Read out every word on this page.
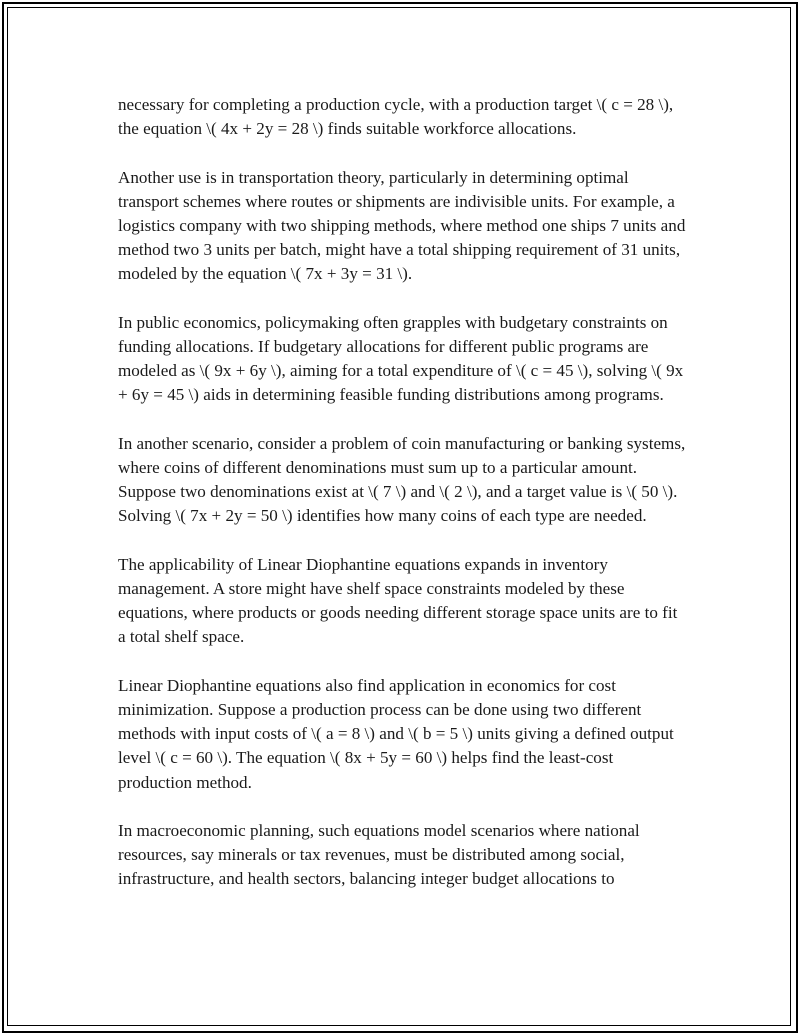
necessary for completing a production cycle, with a production target \( c = 28 \), the equation \( 4x + 2y = 28 \) finds suitable workforce allocations.

Another use is in transportation theory, particularly in determining optimal transport schemes where routes or shipments are indivisible units. For example, a logistics company with two shipping methods, where method one ships 7 units and method two 3 units per batch, might have a total shipping requirement of 31 units, modeled by the equation \( 7x + 3y = 31 \).

In public economics, policymaking often grapples with budgetary constraints on funding allocations. If budgetary allocations for different public programs are modeled as \( 9x + 6y \), aiming for a total expenditure of \( c = 45 \), solving \( 9x + 6y = 45 \) aids in determining feasible funding distributions among programs.

In another scenario, consider a problem of coin manufacturing or banking systems, where coins of different denominations must sum up to a particular amount. Suppose two denominations exist at \( 7 \) and \( 2 \), and a target value is \( 50 \). Solving \( 7x + 2y = 50 \) identifies how many coins of each type are needed.

The applicability of Linear Diophantine equations expands in inventory management. A store might have shelf space constraints modeled by these equations, where products or goods needing different storage space units are to fit a total shelf space.

Linear Diophantine equations also find application in economics for cost minimization. Suppose a production process can be done using two different methods with input costs of \( a = 8 \) and \( b = 5 \) units giving a defined output level \( c = 60 \). The equation \( 8x + 5y = 60 \) helps find the least-cost production method.

In macroeconomic planning, such equations model scenarios where national resources, say minerals or tax revenues, must be distributed among social, infrastructure, and health sectors, balancing integer budget allocations to
